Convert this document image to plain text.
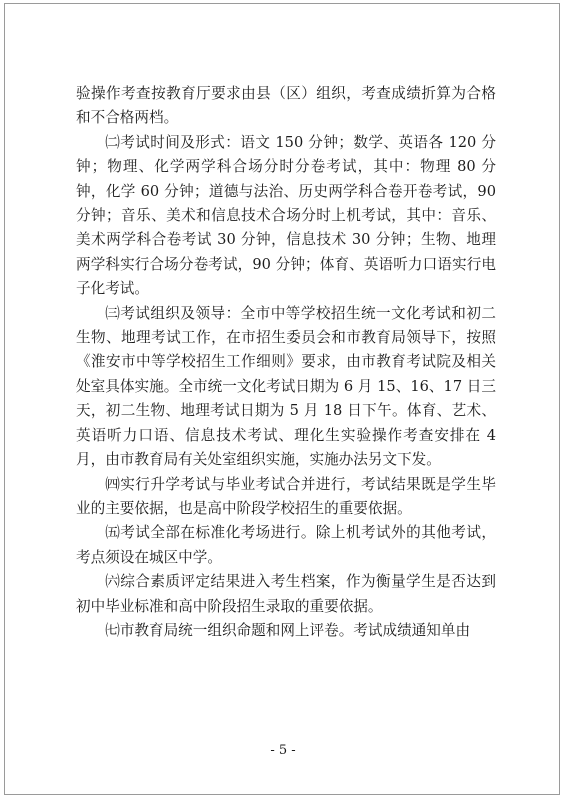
验操作考查按教育厅要求由县（区）组织，考查成绩折算为合格和不合格两档。

㈡考试时间及形式：语文 150 分钟；数学、英语各 120 分钟；物理、化学两学科合场分时分卷考试，其中：物理 80 分钟，化学 60 分钟；道德与法治、历史两学科合卷开卷考试，90 分钟；音乐、美术和信息技术合场分时上机考试，其中：音乐、美术两学科合卷考试 30 分钟，信息技术 30 分钟；生物、地理两学科实行合场分卷考试，90 分钟；体育、英语听力口语实行电子化考试。

㈢考试组织及领导：全市中等学校招生统一文化考试和初二生物、地理考试工作，在市招生委员会和市教育局领导下，按照《淮安市中等学校招生工作细则》要求，由市教育考试院及相关处室具体实施。全市统一文化考试日期为 6 月 15、16、17 日三天，初二生物、地理考试日期为 5 月 18 日下午。体育、艺术、英语听力口语、信息技术考试、理化生实验操作考查安排在 4 月，由市教育局有关处室组织实施，实施办法另文下发。

㈣实行升学考试与毕业考试合并进行，考试结果既是学生毕业的主要依据，也是高中阶段学校招生的重要依据。

㈤考试全部在标准化考场进行。除上机考试外的其他考试，考点须设在城区中学。

㈥综合素质评定结果进入考生档案，作为衡量学生是否达到初中毕业标准和高中阶段招生录取的重要依据。

㈦市教育局统一组织命题和网上评卷。考试成绩通知单由

- 5 -
